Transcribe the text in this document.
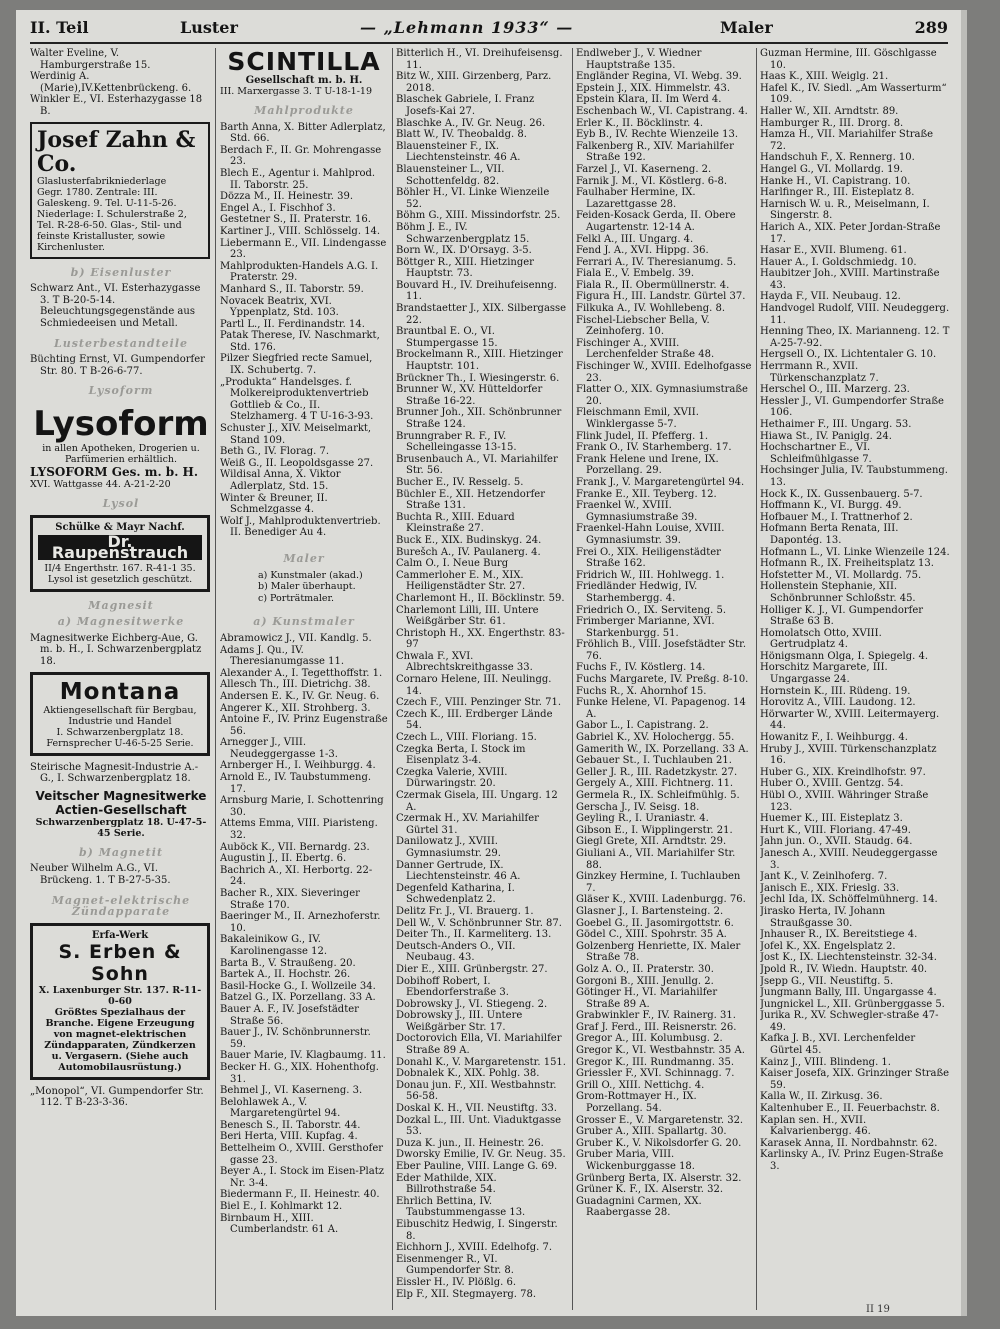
II. Teil	Luster	— „Lehmann 1933“ —	Maler	289
Walter Eveline, V. Hamburgerstraße 15.
Werdinig A.(Marie),IV.Kettenbrückeng. 6.
Winkler E., VI. Esterhazygasse 18 B.
Josef Zahn & Co.
Glaslusterfabrikniederlage
Gegr. 1780. Zentrale: III. Galeskeng. 9. Tel. U-11-5-26.
Niederlage: I. Schulerstraße 2, Tel. R-28-6-50. Glas-, Stil- und feinste Kristalluster, sowie Kirchenluster.
b) Eisenluster
Schwarz Ant., VI. Esterhazygasse 3. T B-20-5-14. Beleuchtungsgegenstände aus Schmiedeeisen und Metall.
Lusterbestandteile
Büchting Ernst, VI. Gumpendorfer Str. 80. T B-26-6-77.
Lysoform
Lysoform
in allen Apotheken, Drogerien u. Parfümerien erhältlich.
LYSOFORM Ges. m. b. H.
XVI. Wattgasse 44. A-21-2-20
Lysol
Schülke & Mayr Nachf.
Dr. Raupenstrauch
II/4 Engerthstr. 167. R-41-1 35.
Lysol ist gesetzlich geschützt.
Magnesit
a) Magnesitwerke
Magnesitwerke Eichberg-Aue, G. m. b. H., I. Schwarzenbergplatz 18.
Montana
Aktiengesellschaft für Bergbau, Industrie und Handel
I. Schwarzenbergplatz 18.
Fernsprecher U-46-5-25 Serie.
Steirische Magnesit-Industrie A.-G., I. Schwarzenbergplatz 18.
Veitscher Magnesitwerke Actien-Gesellschaft
Schwarzenbergplatz 18. U-47-5-45 Serie.
b) Magnetit
Neuber Wilhelm A.G., VI. Brückeng. 1. T B-27-5-35.
Magnet-elektrische Zündapparate
Erfa-Werk
S. Erben & Sohn
X. Laxenburger Str. 137. R-11-0-60
Größtes Spezialhaus der Branche. Eigene Erzeugung von magnet-elektrischen Zündapparaten, Zündkerzen u. Vergasern. (Siehe auch Automobilausrüstung.)
„Monopol“, VI. Gumpendorfer Str. 112. T B-23-3-36.
SCINTILLA
Gesellschaft m. b. H.
III. Marxergasse 3. T U-18-1-19
Mahlprodukte
Barth Anna, X. Bitter Adlerplatz, Std. 66.
Berdach F., II. Gr. Mohrengasse 23.
Blech E., Agentur i. Mahlprod. II. Taborstr. 25.
Dözza M., II. Heinestr. 39.
Engel A., I. Fischhof 3.
Gestetner S., II. Praterstr. 16.
Kartiner J., VIII. Schlösselg. 14.
Liebermann E., VII. Lindengasse 23.
Mahlprodukten-Handels A.G. I. Praterstr. 29.
Manhard S., II. Taborstr. 59.
Novacek Beatrix, XVI. Yppenplatz, Std. 103.
Partl L., II. Ferdinandstr. 14.
Patak Therese, IV. Naschmarkt, Std. 176.
Pilzer Siegfried recte Samuel, IX. Schubertg. 7.
„Produkta“ Handelsges. f. Molkereiproduktenvertrieb Gottlieb & Co., II. Stelzhamerg. 4 T U-16-3-93.
Schuster J., XIV. Meiselmarkt, Stand 109.
Beth G., IV. Florag. 7.
Weiß G., II. Leopoldsgasse 27.
Wildisal Anna, X. Viktor Adlerplatz, Std. 15.
Winter & Breuner, II. Schmelzgasse 4.
Wolf J., Mahlproduktenvertrieb. II. Benediger Au 4.
Maler
a) Kunstmaler (akad.)
b) Maler überhaupt.
c) Porträtmaler.
a) Kunstmaler
Abramowicz J., VII. Kandlg. 5.
Adams J. Qu., IV. Theresianumgasse 11.
Alexander A., I. Tegetthoffstr. 1.
Allesch Th., III. Dietrichg. 38.
Andersen E. K., IV. Gr. Neug. 6.
Angerer K., XII. Strohberg. 3.
Antoine F., IV. Prinz Eugenstraße 56.
Arnegger J., VIII. Neudeggergasse 1-3.
Arnberger H., I. Weihburgg. 4.
Arnold E., IV. Taubstummeng. 17.
Arnsburg Marie, I. Schottenring 30.
Attems Emma, VIII. Piaristeng. 32.
Auböck K., VII. Bernardg. 23.
Augustin J., II. Ebertg. 6.
Bachrich A., XI. Herbortg. 22-24.
Bacher R., XIX. Sieveringer Straße 170.
Baeringer M., II. Arnezhoferstr. 10.
Bakaleinikow G., IV. Karolinengasse 12.
Barta B., V. Straußeng. 20.
Bartek A., II. Hochstr. 26.
Basil-Hocke G., I. Wollzeile 34.
Batzel G., IX. Porzellang. 33 A.
Bauer A. F., IV. Josefstädter Straße 56.
Bauer J., IV. Schönbrunnerstr. 59.
Bauer Marie, IV. Klagbaumg. 11.
Becker H. G., XIX. Hohenthofg. 31.
Behmel J., VI. Kaserneng. 3.
Belohlawek A., V. Margaretengürtel 94.
Benesch S., II. Taborstr. 44.
Beri Herta, VIII. Kupfag. 4.
Bettelheim O., XVIII. Gersthofer gasse 23.
Beyer A., I. Stock im Eisen-Platz Nr. 3-4.
Biedermann F., II. Heinestr. 40.
Biel E., I. Kohlmarkt 12.
Birnbaum H., XIII. Cumberlandstr. 61 A.
Bitterlich H., VI. Dreihufeisensg. 11.
Bitz W., XIII. Girzenberg, Parz. 2018.
Blaschek Gabriele, I. Franz Josefs-Kai 27.
Blaschke A., IV. Gr. Neug. 26.
Blatt W., IV. Theobaldg. 8.
Blauensteiner F., IX. Liechtensteinstr. 46 A.
Blauensteiner L., VII. Schottenfeldg. 82.
Böhler H., VI. Linke Wienzeile 52.
Böhm G., XIII. Missindorfstr. 25.
Böhm J. E., IV. Schwarzenbergplatz 15.
Born W., IX. D'Orsayg. 3-5.
Böttger R., XIII. Hietzinger Hauptstr. 73.
Bouvard H., IV. Dreihufeisenng. 11.
Brandstaetter J., XIX. Silbergasse 22.
Brauntbal E. O., VI. Stumpergasse 15.
Brockelmann R., XIII. Hietzinger Hauptstr. 101.
Brückner Th., I. Wiesingerstr. 6.
Brunner W., XV. Hütteldorfer Straße 16-22.
Brunner Joh., XII. Schönbrunner Straße 124.
Brunngraber R. F., IV. Schelleingasse 13-15.
Brusenbauch A., VI. Mariahilfer Str. 56.
Bucher E., IV. Resselg. 5.
Büchler E., XII. Hetzendorfer Straße 131.
Buchta R., XIII. Eduard Kleinstraße 27.
Buck E., XIX. Budinskyg. 24.
Burešch A., IV. Paulanerg. 4.
Calm O., I. Neue Burg
Cammerloher E. M., XIX. Heiligenstädter Str. 27.
Charlemont H., II. Böcklinstr. 59.
Charlemont Lilli, III. Untere Weißgärber Str. 61.
Christoph H., XX. Engerthstr. 83-97
Chwala F., XVI. Albrechtskreithgasse 33.
Cornaro Helene, III. Neulingg. 14.
Czech F., VIII. Penzinger Str. 71.
Czech K., III. Erdberger Lände 54.
Czech L., VIII. Floriang. 15.
Czegka Berta, I. Stock im Eisenplatz 3-4.
Czegka Valerie, XVIII. Dürwaringstr. 20.
Czermak Gisela, III. Ungarg. 12 A.
Czermak H., XV. Mariahilfer Gürtel 31.
Danilowatz J., XVIII. Gymnasiumstr. 29.
Danner Gertrude, IX. Liechtensteinstr. 46 A.
Degenfeld Katharina, I. Schwedenplatz 2.
Delitz Fr. J., VI. Brauerg. 1.
Dell W., V. Schönbrunner Str. 87.
Deiter Th., II. Karmeliterg. 13.
Deutsch-Anders O., VII. Neubaug. 43.
Dier E., XIII. Grünbergstr. 27.
Dobihoff Robert, I. Ebendorferstraße 3.
Dobrowsky J., VI. Stiegeng. 2.
Dobrowsky J., III. Untere Weißgärber Str. 17.
Doctorovich Ella, VI. Mariahilfer Straße 89 A.
Donahl K., V. Margaretenstr. 151.
Dobnalek K., XIX. Pohlg. 38.
Donau jun. F., XII. Westbahnstr. 56-58.
Doskal K. H., VII. Neustiftg. 33.
Dozkal L., III. Unt. Viaduktgasse 53.
Duza K. jun., II. Heinestr. 26.
Dworsky Emilie, IV. Gr. Neug. 35.
Eber Pauline, VIII. Lange G. 69.
Eder Mathilde, XIX. Billrothstraße 54.
Ehrlich Bettina, IV. Taubstummengasse 13.
Eibuschitz Hedwig, I. Singerstr. 8.
Eichhorn J., XVIII. Edelhofg. 7.
Eisenmenger R., VI. Gumpendorfer Str. 8.
Eissler H., IV. Plößlg. 6.
Elp F., XII. Stegmayerg. 78.
Endlweber J., V. Wiedner Hauptstraße 135.
Engländer Regina, VI. Webg. 39.
Epstein J., XIX. Himmelstr. 43.
Epstein Klara, II. Im Werd 4.
Eschenbach W., VI. Capistrang. 4.
Erler K., II. Böcklinstr. 4.
Eyb B., IV. Rechte Wienzeile 13.
Falkenberg R., XIV. Mariahilfer Straße 192.
Farzel J., VI. Kaserneng. 2.
Farnik J. M., VI. Köstlerg. 6-8.
Faulhaber Hermine, IX. Lazarettgasse 28.
Feiden-Kosack Gerda, II. Obere Augartenstr. 12-14 A.
Felkl A., III. Ungarg. 4.
Fend J. A., XVI. Hippg. 36.
Ferrari A., IV. Theresianumg. 5.
Fiala E., V. Embelg. 39.
Fiala R., II. Obermüllnerstr. 4.
Figura H., III. Landstr. Gürtel 37.
Filkuka A., IV. Wohllebeng. 8.
Fischel-Liebscher Bella, V. Zeinhoferg. 10.
Fischinger A., XVIII. Lerchenfelder Straße 48.
Fischinger W., XVIII. Edelhofgasse 23.
Flatter O., XIX. Gymnasiumstraße 20.
Fleischmann Emil, XVII. Winklergasse 5-7.
Flink Judel, II. Pfefferg. 1.
Frank O., IV. Starhemberg. 17.
Frank Helene und Irene, IX. Porzellang. 29.
Frank J., V. Margaretengürtel 94.
Franke E., XII. Teyberg. 12.
Fraenkel W., XVIII. Gymnasiumstraße 39.
Fraenkel-Hahn Louise, XVIII. Gymnasiumstr. 39.
Frei O., XIX. Heiligenstädter Straße 162.
Fridrich W., III. Hohlwegg. 1.
Friedländer Hedwig, IV. Starhembergg. 4.
Friedrich O., IX. Serviteng. 5.
Frimberger Marianne, XVI. Starkenburgg. 51.
Fröhlich B., VIII. Josefstädter Str. 76.
Fuchs F., IV. Köstlerg. 14.
Fuchs Margarete, IV. Preßg. 8-10.
Fuchs R., X. Ahornhof 15.
Funke Helene, VI. Papagenog. 14 A.
Gabor L., I. Capistrang. 2.
Gabriel K., XV. Holochergg. 55.
Gamerith W., IX. Porzellang. 33 A.
Gebauer St., I. Tuchlauben 21.
Geller J. R., III. Radetzkystr. 27.
Gergely A., XIII. Fichtnerg. 11.
Germela R., IX. Schleifmühlg. 5.
Gerscha J., IV. Seisg. 18.
Geyling R., I. Uraniastr. 4.
Gibson E., I. Wipplingerstr. 21.
Giegl Grete, XII. Arndtstr. 29.
Giuliani A., VII. Mariahilfer Str. 88.
Ginzkey Hermine, I. Tuchlauben 7.
Gläser K., XVIII. Ladenburgg. 76.
Glasner J., I. Bartensteing. 2.
Goebel G., II. Jasomirgottstr. 6.
Gödel C., XIII. Spohrstr. 35 A.
Golzenberg Henriette, IX. Maler Straße 78.
Golz A. O., II. Praterstr. 30.
Gorgoni B., XIII. Jenullg. 2.
Götinger H., VI. Mariahilfer Straße 89 A.
Grabwinkler F., IV. Rainerg. 31.
Graf J. Ferd., III. Reisnerstr. 26.
Gregor A., III. Kolumbusg. 2.
Gregor K., VI. Westbahnstr. 35 A.
Gregor K., III. Rundmanng. 35.
Griessler F., XVI. Schinnagg. 7.
Grill O., XIII. Nettichg. 4.
Grom-Rottmayer H., IX. Porzellang. 54.
Grosser E., V. Margaretenstr. 32.
Gruber A., XIII. Spallartg. 30.
Gruber K., V. Nikolsdorfer G. 20.
Gruber Maria, VIII. Wickenburggasse 18.
Grünberg Berta, IX. Alserstr. 32.
Grüner K. F., IX. Alserstr. 32.
Guadagnini Carmen, XX. Raabergasse 28.
Guzman Hermine, III. Göschlgasse 10.
Haas K., XIII. Weiglg. 21.
Hafel K., IV. Siedl. „Am Wasserturm“ 109.
Haller W., XII. Arndtstr. 89.
Hamburger R., III. Drorg. 8.
Hamza H., VII. Mariahilfer Straße 72.
Handschuh F., X. Rennerg. 10.
Hangel G., VI. Mollardg. 19.
Hanke H., VI. Capistrang. 10.
Harlfinger R., III. Eisteplatz 8.
Harnisch W. u. R., Meiselmann, I. Singerstr. 8.
Harich A., XIX. Peter Jordan-Straße 17.
Hasar E., XVII. Blumeng. 61.
Hauer A., I. Goldschmiedg. 10.
Haubitzer Joh., XVIII. Martinstraße 43.
Hayda F., VII. Neubaug. 12.
Handvogel Rudolf, VIII. Neudeggerg. 11.
Henning Theo, IX. Marianneng. 12. T A-25-7-92.
Hergsell O., IX. Lichtentaler G. 10.
Herrmann R., XVII. Türkenschanzplatz 7.
Herschel O., III. Marzerg. 23.
Hessler J., VI. Gumpendorfer Straße 106.
Hethaimer F., III. Ungarg. 53.
Hiawa St., IV. Paniglg. 24.
Hochschartner E., VI. Schleifmühlgasse 7.
Hochsinger Julia, IV. Taubstummeng. 13.
Hock K., IX. Gussenbauerg. 5-7.
Hoffmann K., VI. Burgg. 49.
Hofbauer M., I. Trattnerhof 2.
Hofmann Berta Renata, III. Dapontég. 13.
Hofmann L., VI. Linke Wienzeile 124.
Hofmann R., IX. Freiheitsplatz 13.
Hofstetter M., VI. Mollardg. 75.
Hollenstein Stephanie, XII. Schönbrunner Schloßstr. 45.
Holliger K. J., VI. Gumpendorfer Straße 63 B.
Homolatsch Otto, XVIII. Gertrudplatz 4.
Hönigsmann Olga, I. Spiegelg. 4.
Horschitz Margarete, III. Ungargasse 24.
Hornstein K., III. Rüdeng. 19.
Horovitz A., VIII. Laudong. 12.
Hörwarter W., XVIII. Leitermayerg. 44.
Howanitz F., I. Weihburgg. 4.
Hruby J., XVIII. Türkenschanzplatz 16.
Huber G., XIX. Kreindlhofstr. 97.
Huber O., XVIII. Gentzg. 54.
Hübl O., XVIII. Währinger Straße 123.
Huemer K., III. Eisteplatz 3.
Hurt K., VIII. Floriang. 47-49.
Jahn jun. O., XVII. Staudg. 64.
Janesch A., XVIII. Neudeggergasse 3.
Jant K., V. Zeinlhoferg. 7.
Janisch E., XIX. Frieslg. 33.
Jechl Ida, IX. Schöffelmühnerg. 14.
Jirasko Herta, IV. Johann Straußgasse 30.
Jnhauser R., IX. Bereitstiege 4.
Jofel K., XX. Engelsplatz 2.
Jost K., IX. Liechtensteinstr. 32-34.
Jpold R., IV. Wiedn. Hauptstr. 40.
Jsepp G., VII. Neustiftg. 5.
Jungmann Bally, III. Ungargasse 4.
Jungnickel L., XII. Grünberggasse 5.
Jurika R., XV. Schwegler-straße 47-49.
Kafka J. B., XVI. Lerchenfelder Gürtel 45.
Kainz J., VIII. Blindeng. 1.
Kaiser Josefa, XIX. Grinzinger Straße 59.
Kalla W., II. Zirkusg. 36.
Kaltenhuber E., II. Feuerbachstr. 8.
Kaplan sen. H., XVII. Kalvarienbergg. 46.
Karasek Anna, II. Nordbahnstr. 62.
Karlinsky A., IV. Prinz Eugen-Straße 3.
II 19
